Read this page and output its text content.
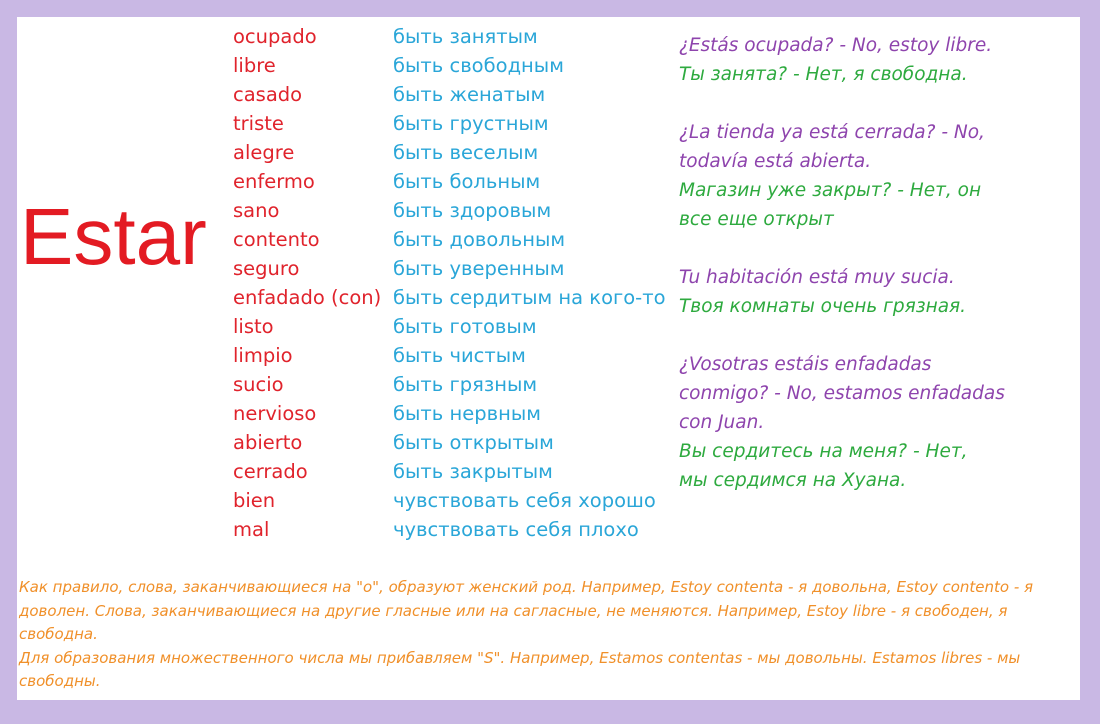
Estar
ocupado
libre
casado
triste
alegre
enfermo
sano
contento
seguro
enfadado (con)
listo
limpio
sucio
nervioso
abierto
cerrado
bien
mal
быть занятым
быть свободным
быть женатым
быть грустным
быть веселым
быть больным
быть здоровым
быть довольным
быть уверенным
быть сердитым на кого-то
быть готовым
быть чистым
быть грязным
быть нервным
быть открытым
быть закрытым
чувствовать себя хорошо
чувствовать себя плохо

¿Estás ocupada? - No, estoy libre.

Ты занята? - Нет, я свободна.

¿La tienda ya está cerrada? - No,

todavía está abierta.

Магазин уже закрыт? - Нет, он

все еще открыт

Tu habitación está muy sucia.

Твоя комнаты очень грязная.

¿Vosotras estáis enfadadas

conmigo? - No, estamos enfadadas

con Juan.

Вы сердитесь на меня? - Нет,

мы сердимся на Хуана.

Как правило, слова, заканчивающиеся на "о", образуют женский род. Например, Estoy contenta - я довольна, Estoy contento - я доволен. Слова, заканчивающиеся на другие гласные или на сагласные, не меняются. Например, Estoy libre - я свободен, я свободна.

Для образования множественного числа мы прибавляем "S". Например, Estamos contentas - мы довольны. Estamos libres - мы свободны.
